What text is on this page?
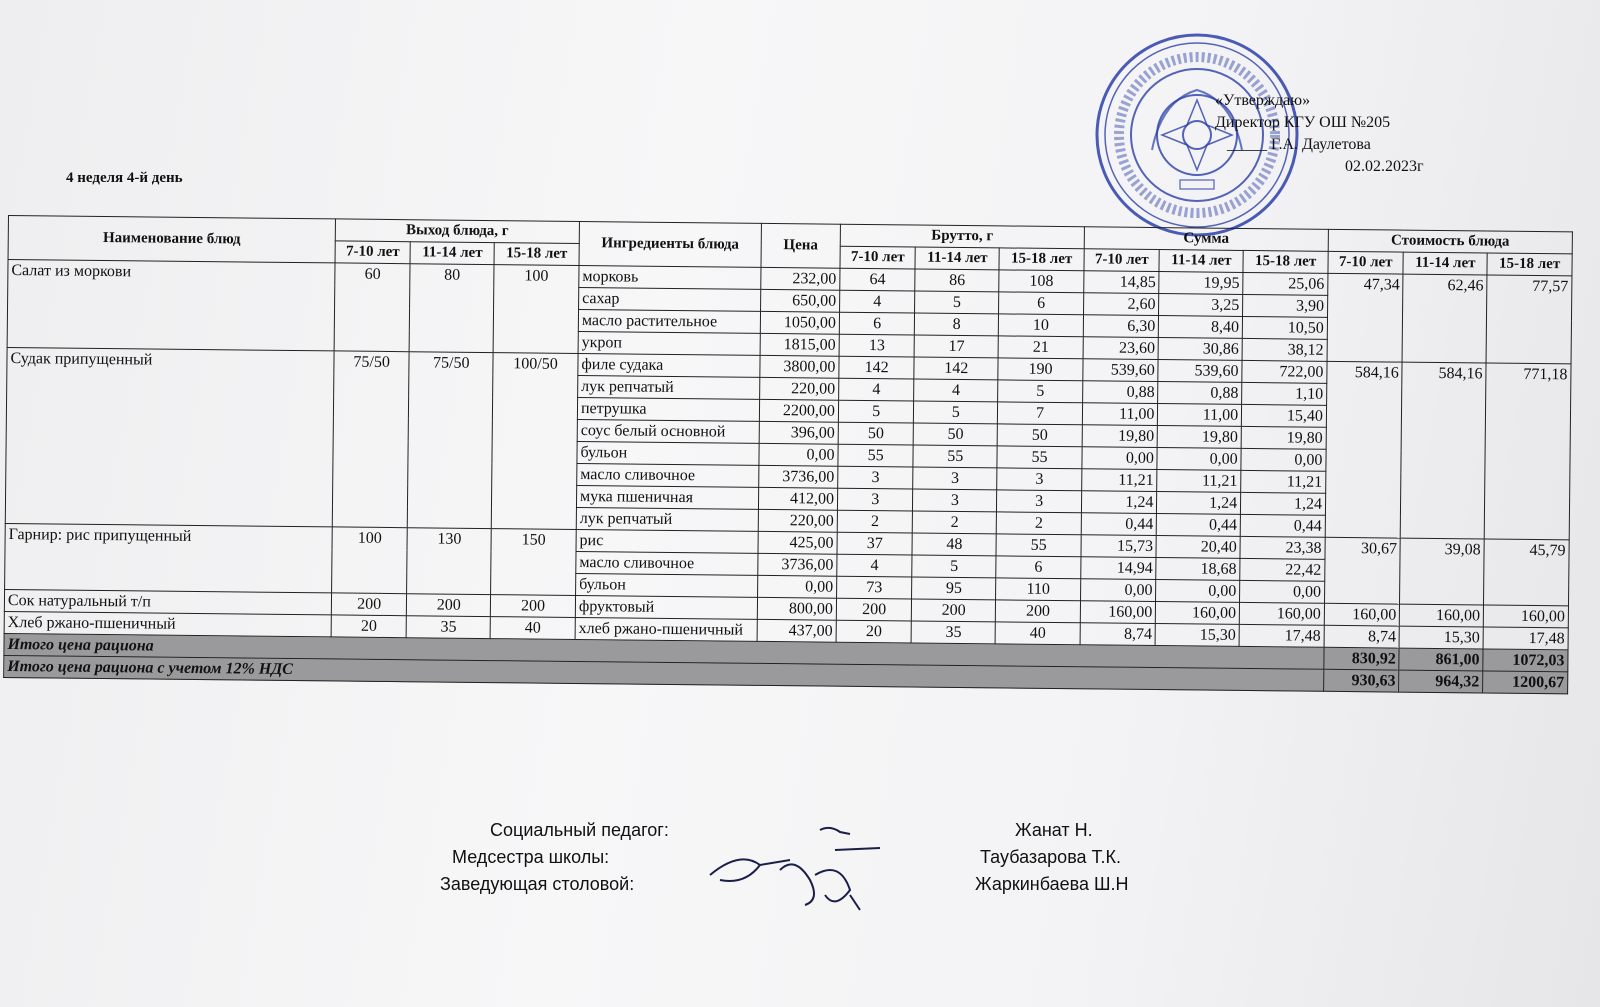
«Утверждаю»
Директор КГУ ОШ №205
_____ Г.А. Даулетова
02.02.2023г
4 неделя 4-й день
Наименование блюд	Выход блюда, г			Ингредиенты блюда	Цена	Брутто, г			Сумма			Стоимость блюда		
	7-10 лет	11-14 лет	15-18 лет			7-10 лет	11-14 лет	15-18 лет	7-10 лет	11-14 лет	15-18 лет	7-10 лет	11-14 лет	15-18 лет
Салат из моркови	60	80	100	морковь	232,00	64	86	108	14,85	19,95	25,06	47,34	62,46	77,57
				сахар	650,00	4	5	6	2,60	3,25	3,90			
				масло растительное	1050,00	6	8	10	6,30	8,40	10,50			
				укроп	1815,00	13	17	21	23,60	30,86	38,12			
Судак припущенный	75/50	75/50	100/50	филе судака	3800,00	142	142	190	539,60	539,60	722,00	584,16	584,16	771,18
				лук репчатый	220,00	4	4	5	0,88	0,88	1,10			
				петрушка	2200,00	5	5	7	11,00	11,00	15,40			
				соус белый основной	396,00	50	50	50	19,80	19,80	19,80			
				бульон	0,00	55	55	55	0,00	0,00	0,00			
				масло сливочное	3736,00	3	3	3	11,21	11,21	11,21			
				мука пшеничная	412,00	3	3	3	1,24	1,24	1,24			
				лук репчатый	220,00	2	2	2	0,44	0,44	0,44			
Гарнир: рис припущенный	100	130	150	рис	425,00	37	48	55	15,73	20,40	23,38	30,67	39,08	45,79
				масло сливочное	3736,00	4	5	6	14,94	18,68	22,42			
				бульон	0,00	73	95	110	0,00	0,00	0,00			
Сок натуральный т/п	200	200	200	фруктовый	800,00	200	200	200	160,00	160,00	160,00	160,00	160,00	160,00
Хлеб ржано-пшеничный	20	35	40	хлеб ржано-пшеничный	437,00	20	35	40	8,74	15,30	17,48	8,74	15,30	17,48
Итого цена рациона												830,92	861,00	1072,03
Итого цена рациона с учетом 12% НДС												930,63	964,32	1200,67
Социальный педагог:	Жанат Н.
Медсестра школы:	Таубазарова Т.К.
Заведующая столовой:	Жаркинбаева Ш.Н
